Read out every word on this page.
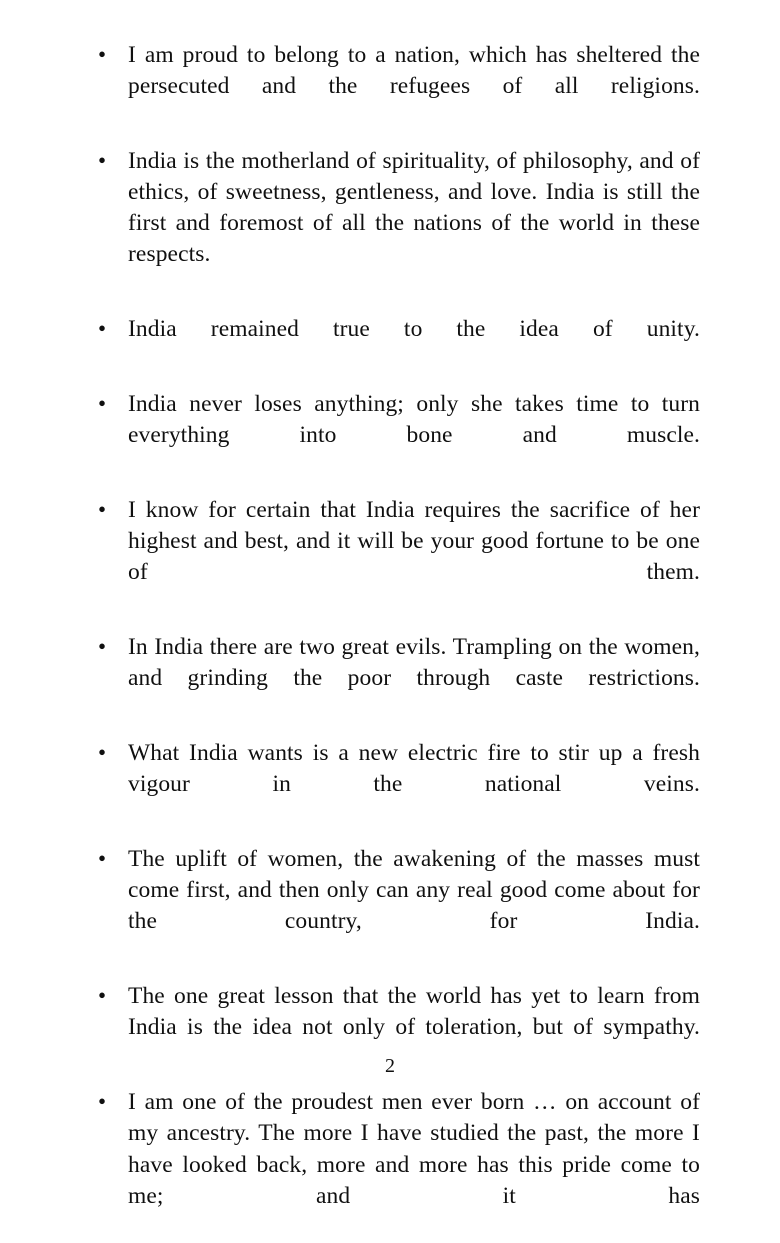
• I am proud to belong to a nation, which has sheltered the persecuted and the refugees of all religions.
• India is the motherland of spirituality, of philosophy, and of ethics, of sweetness, gentleness, and love. India is still the first and foremost of all the nations of the world in these respects.
• India remained true to the idea of unity.
• India never loses anything; only she takes time to turn everything into bone and muscle.
• I know for certain that India requires the sacrifice of her highest and best, and it will be your good fortune to be one of them.
• In India there are two great evils. Trampling on the women, and grinding the poor through caste restrictions.
• What India wants is a new electric fire to stir up a fresh vigour in the national veins.
• The uplift of women, the awakening of the masses must come first, and then only can any real good come about for the country, for India.
• The one great lesson that the world has yet to learn from India is the idea not only of toleration, but of sympathy.
• I am one of the proudest men ever born … on account of my ancestry. The more I have studied the past, the more I have looked back, more and more has this pride come to me; and it has
2
